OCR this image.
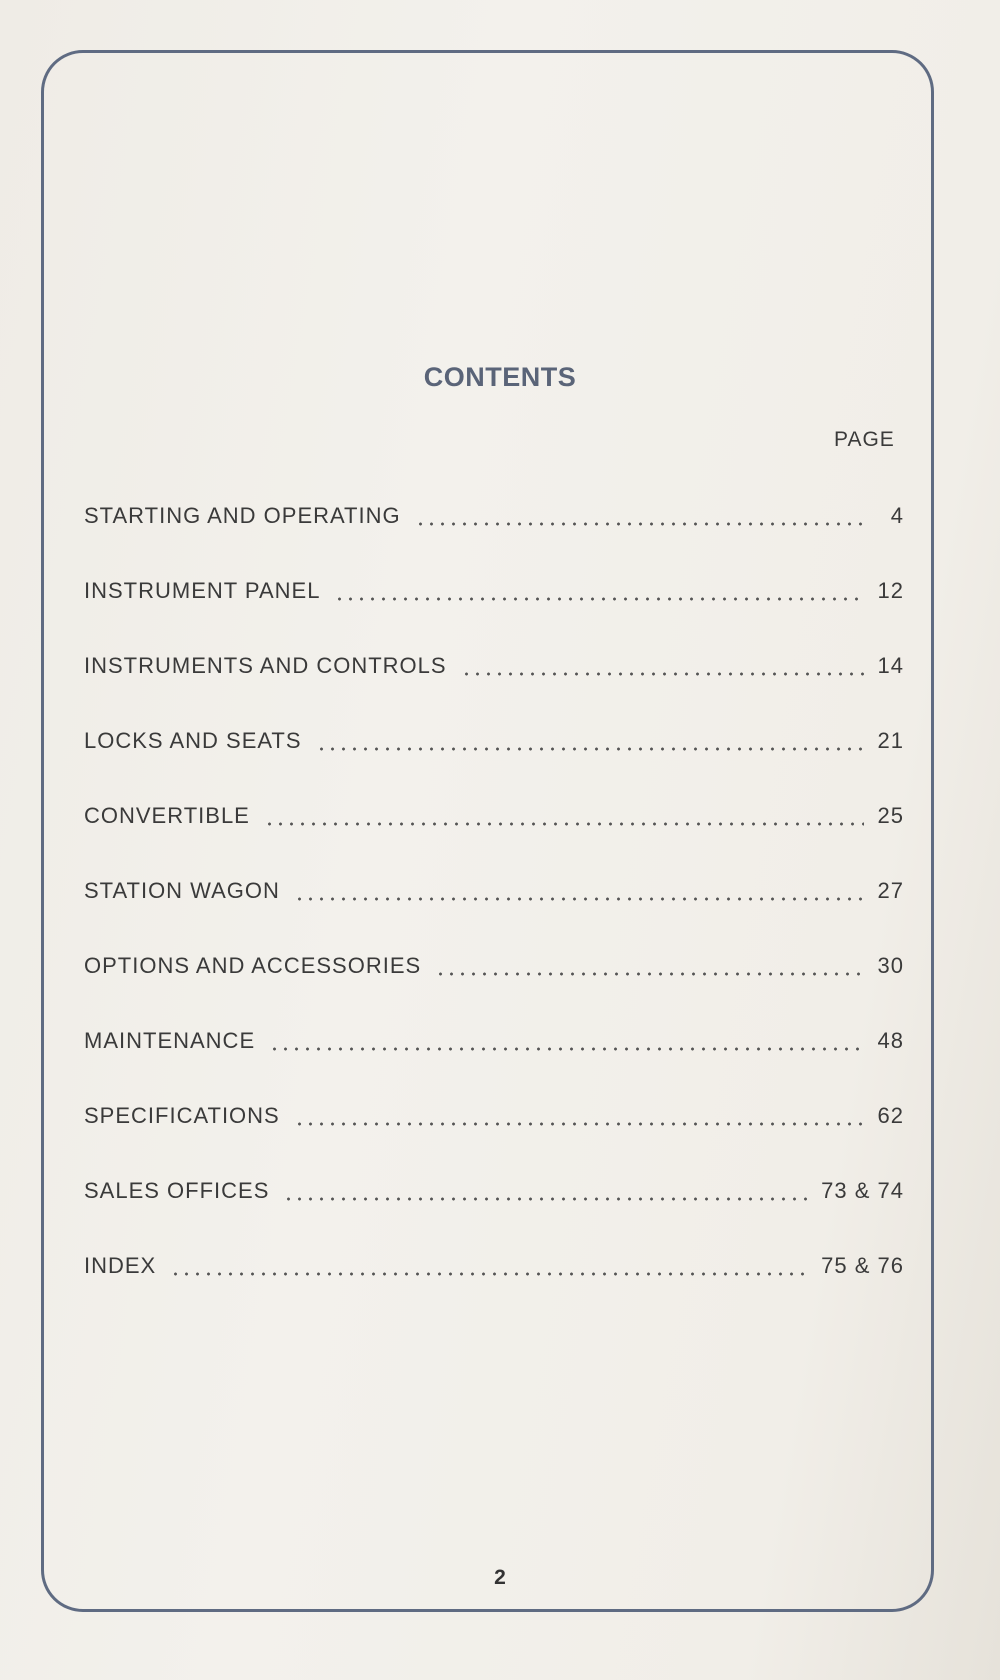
CONTENTS
PAGE
STARTING AND OPERATING	4
INSTRUMENT PANEL	12
INSTRUMENTS AND CONTROLS	14
LOCKS AND SEATS	21
CONVERTIBLE	25
STATION WAGON	27
OPTIONS AND ACCESSORIES	30
MAINTENANCE	48
SPECIFICATIONS	62
SALES OFFICES	73 & 74
INDEX	75 & 76
2
